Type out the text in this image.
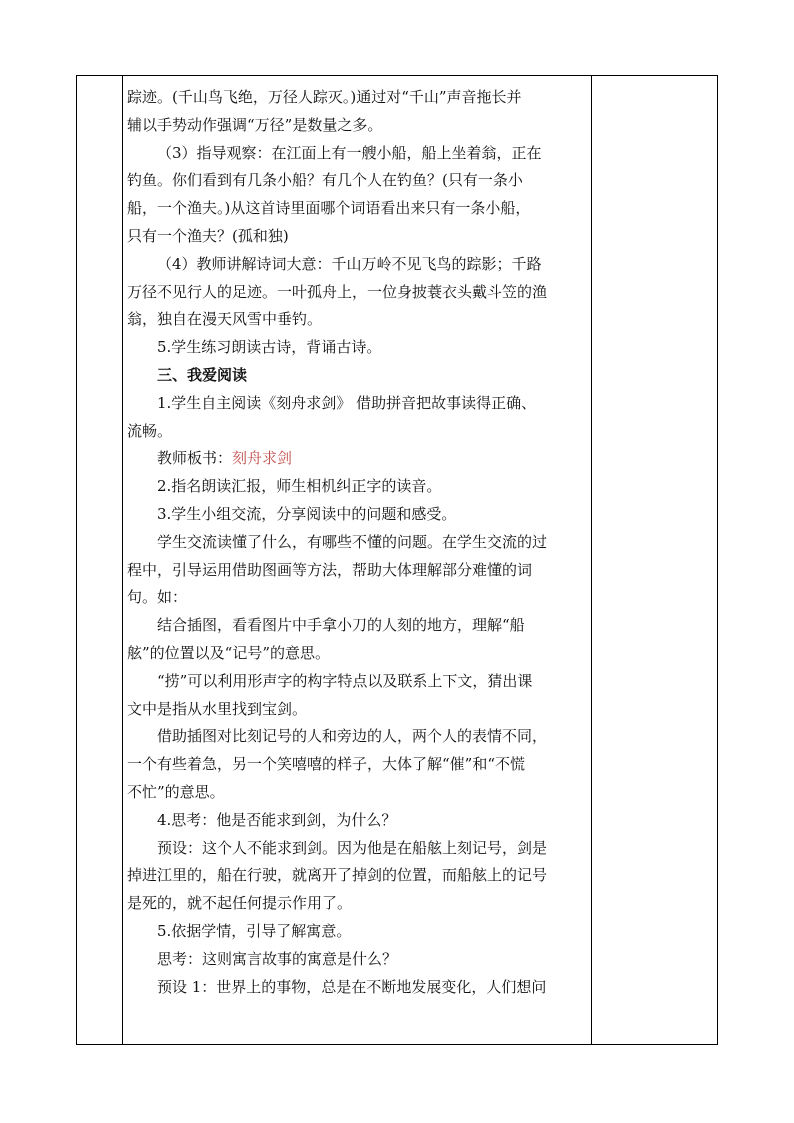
踪迹。(千山鸟飞绝，万径人踪灭。)通过对“千山”声音拖长并
辅以手势动作强调“万径”是数量之多。
（3）指导观察：在江面上有一艘小船，船上坐着翁，正在
钓鱼。你们看到有几条小船？有几个人在钓鱼？(只有一条小
船，一个渔夫。)从这首诗里面哪个词语看出来只有一条小船，
只有一个渔夫？(孤和独)
（4）教师讲解诗词大意：千山万岭不见飞鸟的踪影；千路
万径不见行人的足迹。一叶孤舟上，一位身披蓑衣头戴斗笠的渔
翁，独自在漫天风雪中垂钓。
5.学生练习朗读古诗，背诵古诗。
三、我爱阅读
1.学生自主阅读《刻舟求剑》 借助拼音把故事读得正确、
流畅。
教师板书：刻舟求剑
2.指名朗读汇报，师生相机纠正字的读音。
3.学生小组交流，分享阅读中的问题和感受。
学生交流读懂了什么，有哪些不懂的问题。在学生交流的过
程中，引导运用借助图画等方法，帮助大体理解部分难懂的词
句。如：
结合插图，看看图片中手拿小刀的人刻的地方，理解“船
舷”的位置以及“记号”的意思。
“捞”可以利用形声字的构字特点以及联系上下文，猜出课
文中是指从水里找到宝剑。
借助插图对比刻记号的人和旁边的人，两个人的表情不同，
一个有些着急，另一个笑嘻嘻的样子，大体了解“催”和“不慌
不忙”的意思。
4.思考：他是否能求到剑，为什么？
预设：这个人不能求到剑。因为他是在船舷上刻记号，剑是
掉进江里的，船在行驶，就离开了掉剑的位置，而船舷上的记号
是死的，就不起任何提示作用了。
5.依据学情，引导了解寓意。
思考：这则寓言故事的寓意是什么？
预设 1：世界上的事物，总是在不断地发展变化，人们想问
